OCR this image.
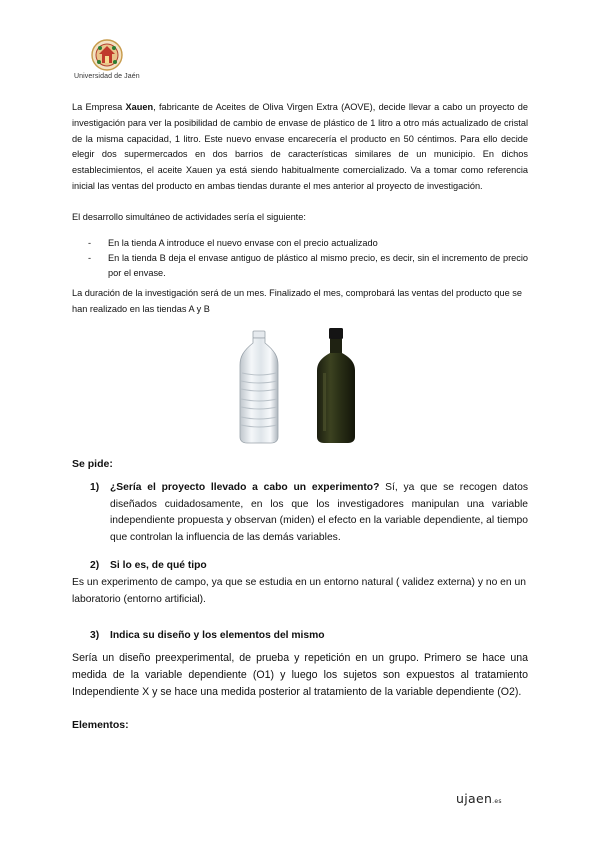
Universidad de Jaén

La Empresa Xauen, fabricante de Aceites de Oliva Virgen Extra (AOVE), decide llevar a cabo un proyecto de investigación para ver la posibilidad de cambio de envase de plástico de 1 litro a otro más actualizado de cristal de la misma capacidad, 1 litro. Este nuevo envase encarecería el producto en 50 céntimos. Para ello decide elegir dos supermercados en dos barrios de características similares de un municipio. En dichos establecimientos, el aceite Xauen ya está siendo habitualmente comercializado. Va a tomar como referencia inicial las ventas del producto en ambas tiendas durante el mes anterior al proyecto de investigación.

El desarrollo simultáneo de actividades sería el siguiente:
- En la tienda A introduce el nuevo envase con el precio actualizado
- En la tienda B deja el envase antiguo de plástico al mismo precio, es decir, sin el incremento de precio por el envase.
La duración de la investigación será de un mes. Finalizado el mes, comprobará las ventas del producto que se han realizado en las tiendas A y B
Se pide:
1)	¿Sería el proyecto llevado a cabo un experimento? Sí, ya que se recogen datos diseñados cuidadosamente, en los que los investigadores manipulan una variable independiente propuesta y observan (miden) el efecto en la variable dependiente, al tiempo que controlan la influencia de las demás variables.
2) Si lo es, de qué tipo
Es un experimento de campo, ya que se estudia en un entorno natural ( validez externa) y no en un laboratorio (entorno artificial).
3) Indica su diseño y los elementos del mismo
Sería un diseño preexperimental, de prueba y repetición en un grupo. Primero se hace una medida de la variable dependiente (O1) y luego los sujetos son expuestos al tratamiento Independiente X y se hace una medida posterior al tratamiento de la variable dependiente (O2).
Elementos:
ujaen.es
